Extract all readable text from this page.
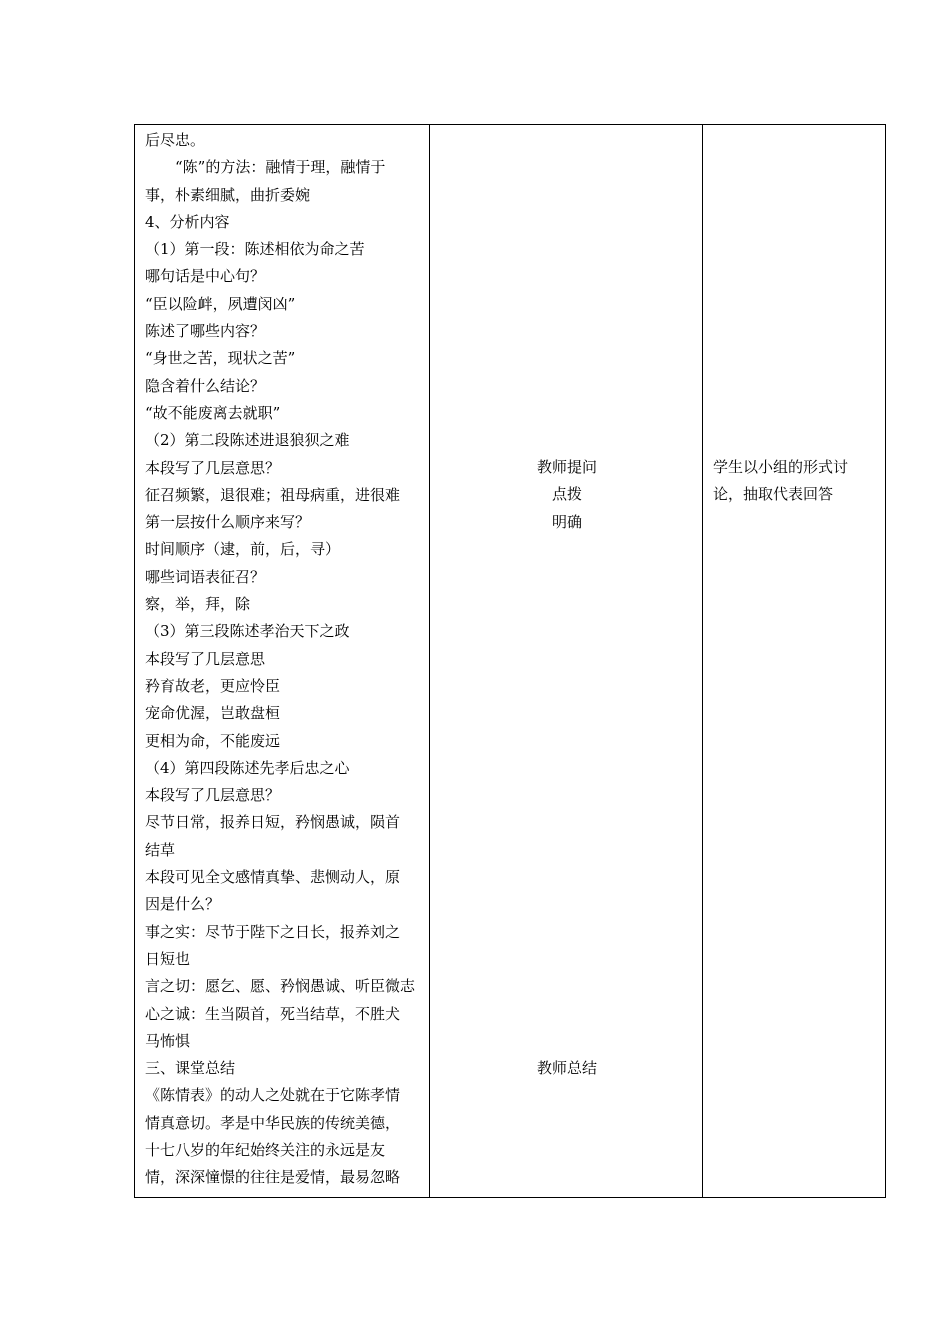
后尽忠。
　　“陈”的方法：融情于理，融情于
事，朴素细腻，曲折委婉
4、分析内容
（1）第一段：陈述相依为命之苦
哪句话是中心句？
“臣以险衅，夙遭闵凶”
陈述了哪些内容？
“身世之苦，现状之苦”
隐含着什么结论？
“故不能废离去就职”
（2）第二段陈述进退狼狈之难
本段写了几层意思？
征召频繁，退很难；祖母病重，进很难
第一层按什么顺序来写？
时间顺序（逮，前，后，寻）
哪些词语表征召？
察，举，拜，除
（3）第三段陈述孝治天下之政
本段写了几层意思
矜育故老，更应怜臣
宠命优渥，岂敢盘桓
更相为命，不能废远
（4）第四段陈述先孝后忠之心
本段写了几层意思？
尽节日常，报养日短，矜悯愚诚，陨首
结草
本段可见全文感情真挚、悲恻动人，原
因是什么？
事之实：尽节于陛下之日长，报养刘之
日短也
言之切：愿乞、愿、矜悯愚诚、听臣微志
心之诚：生当陨首，死当结草，不胜犬
马怖惧
三、课堂总结
《陈情表》的动人之处就在于它陈孝情
情真意切。孝是中华民族的传统美德，
十七八岁的年纪始终关注的永远是友
情，深深憧憬的往往是爱情，最易忽略
教师提问
点拨
明确
教师总结
学生以小组的形式讨
论，抽取代表回答
